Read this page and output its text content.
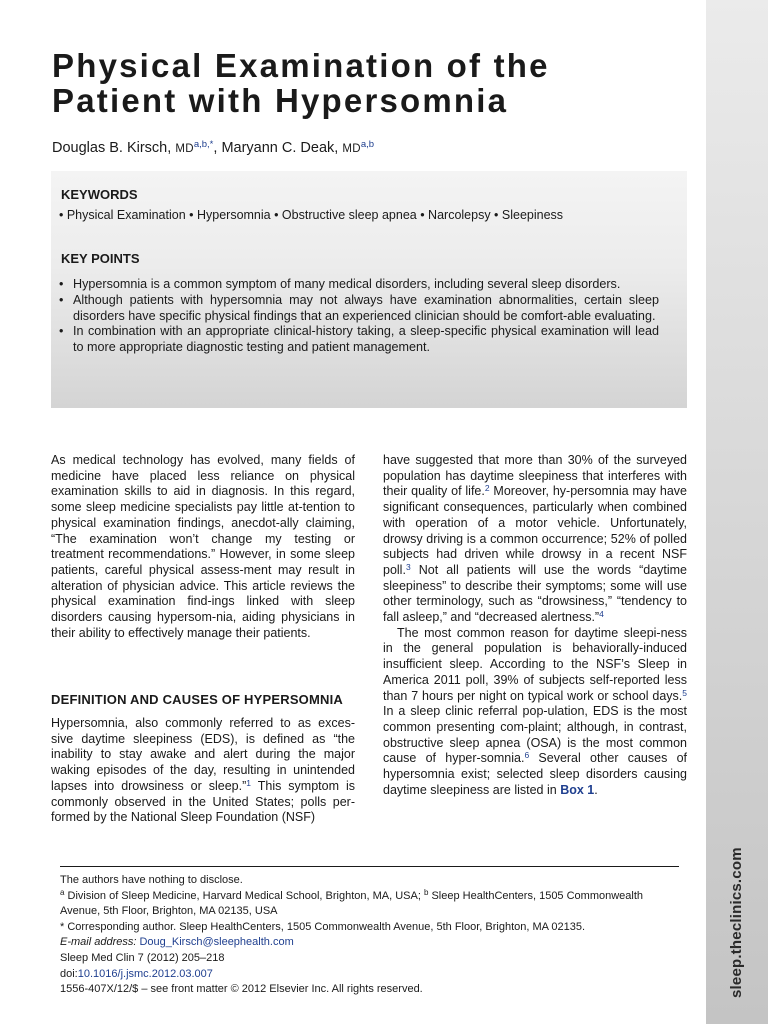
sleep.theclinics.com
Physical Examination of the
Patient with Hypersomnia
Douglas B. Kirsch, $MD^{a,b,*}$, Maryann C. Deak, MD$^{a,b}$
KEYWORDS
• Physical Examination • Hypersomnia • Obstructive sleep apnea • Narcolepsy • Sleepiness
KEY POINTS
• Hypersomnia is a common symptom of many medical disorders, including several sleep disorders.
• Although patients with hypersomnia may not always have examination abnormalities, certain sleep disorders have specific physical findings that an experienced clinician should be comfort-able evaluating.
• In combination with an appropriate clinical-history taking, a sleep-specific physical examination will lead to more appropriate diagnostic testing and patient management.

As medical technology has evolved, many fields of medicine have placed less reliance on physical examination skills to aid in diagnosis. In this regard, some sleep medicine specialists pay little at-tention to physical examination findings, anecdot-ally claiming, “The examination won’t change my testing or treatment recommendations.” However, in some sleep patients, careful physical assess-ment may result in alteration of physician advice. This article reviews the physical examination find-ings linked with sleep disorders causing hypersom-nia, aiding physicians in their ability to effectively manage their patients.

DEFINITION AND CAUSES OF HYPERSOMNIA

Hypersomnia, also commonly referred to as exces-sive daytime sleepiness (EDS), is defined as “the inability to stay awake and alert during the major waking episodes of the day, resulting in unintended lapses into drowsiness or sleep.”$^1$ This symptom is commonly observed in the United States; polls per-formed by the National Sleep Foundation (NSF)

have suggested that more than 30% of the surveyed population has daytime sleepiness that interferes with their quality of life.$^2$ Moreover, hy-persomnia may have significant consequences, particularly when combined with operation of a motor vehicle. Unfortunately, drowsy driving is a common occurrence; 52% of polled subjects had driven while drowsy in a recent NSF poll.$^3$ Not all patients will use the words “daytime sleepiness” to describe their symptoms; some will use other terminology, such as “drowsiness,” “tendency to fall asleep,” and “decreased alertness.”$^4$

The most common reason for daytime sleepi-ness in the general population is behaviorally-induced insufficient sleep. According to the NSF’s Sleep in America 2011 poll, 39% of subjects self-reported less than 7 hours per night on typical work or school days.$^5$ In a sleep clinic referral pop-ulation, EDS is the most common presenting com-plaint; although, in contrast, obstructive sleep apnea (OSA) is the most common cause of hyper-somnia.$^6$ Several other causes of hypersomnia exist; selected sleep disorders causing daytime sleepiness are listed in Box 1.

The authors have nothing to disclose.

$^a$ Division of Sleep Medicine, Harvard Medical School, Brighton, MA, USA; $^b$ Sleep HealthCenters, 1505 Commonwealth Avenue, 5th Floor, Brighton, MA 02135, USA

* Corresponding author. Sleep HealthCenters, 1505 Commonwealth Avenue, 5th Floor, Brighton, MA 02135.

E-mail address: Doug_Kirsch@sleephealth.com

Sleep Med Clin 7 (2012) 205–218

doi:10.1016/j.jsmc.2012.03.007

1556-407X/12/$ – see front matter © 2012 Elsevier Inc. All rights reserved.
